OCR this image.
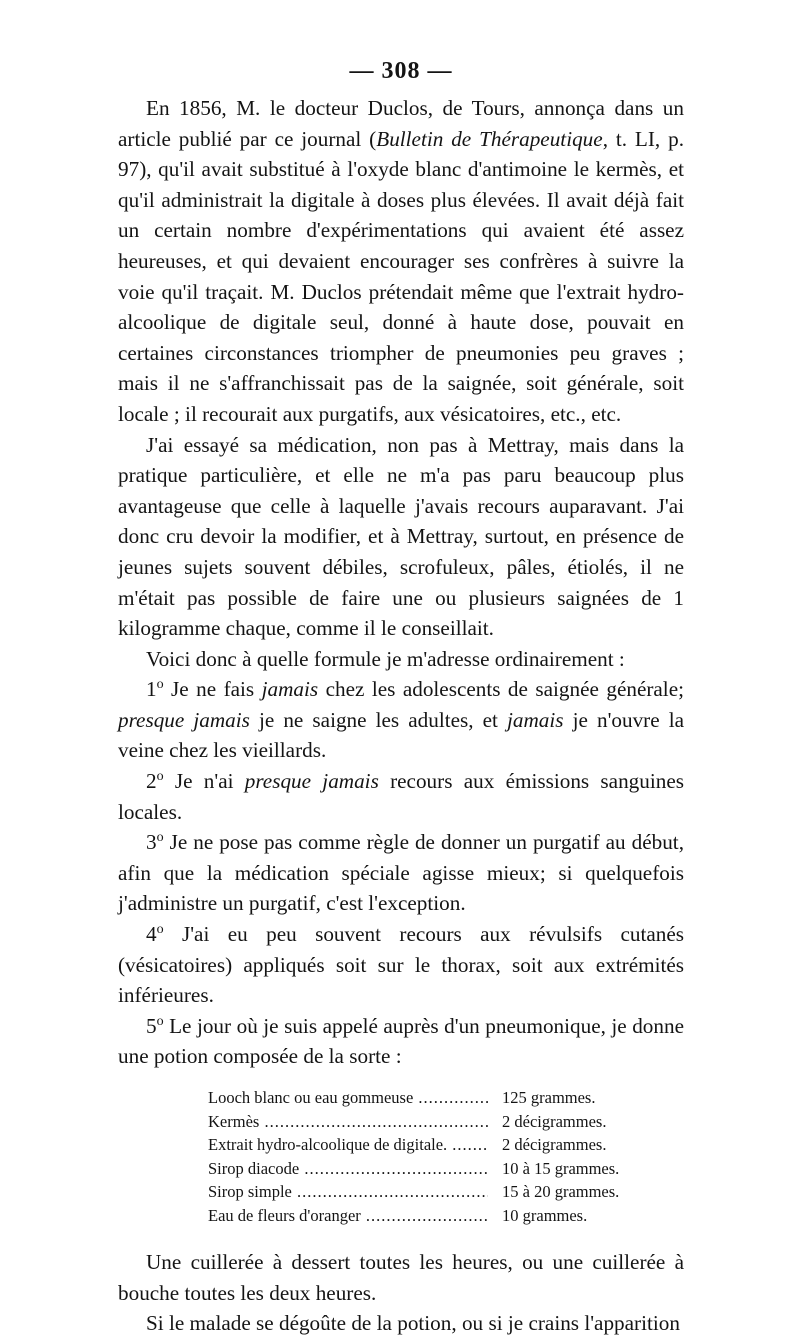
— 308 —

En 1856, M. le docteur Duclos, de Tours, annonça dans un article publié par ce journal (Bulletin de Thérapeutique, t. LI, p. 97), qu'il avait substitué à l'oxyde blanc d'antimoine le kermès, et qu'il administrait la digitale à doses plus élevées. Il avait déjà fait un certain nombre d'expérimentations qui avaient été assez heureuses, et qui devaient encourager ses confrères à suivre la voie qu'il traçait. M. Duclos prétendait même que l'extrait hydro-alcoolique de digitale seul, donné à haute dose, pouvait en certaines circonstances triompher de pneumonies peu graves ; mais il ne s'affranchissait pas de la saignée, soit générale, soit locale ; il recourait aux purgatifs, aux vésicatoires, etc., etc.

J'ai essayé sa médication, non pas à Mettray, mais dans la pratique particulière, et elle ne m'a pas paru beaucoup plus avantageuse que celle à laquelle j'avais recours auparavant. J'ai donc cru devoir la modifier, et à Mettray, surtout, en présence de jeunes sujets souvent débiles, scrofuleux, pâles, étiolés, il ne m'était pas possible de faire une ou plusieurs saignées de 1 kilogramme chaque, comme il le conseillait.

Voici donc à quelle formule je m'adresse ordinairement :

1$^o$ Je ne fais jamais chez les adolescents de saignée générale; presque jamais je ne saigne les adultes, et jamais je n'ouvre la veine chez les vieillards.

2$^o$ Je n'ai presque jamais recours aux émissions sanguines locales.

3$^o$ Je ne pose pas comme règle de donner un purgatif au début, afin que la médication spéciale agisse mieux; si quelquefois j'administre un purgatif, c'est l'exception.

4$^o$ J'ai eu peu souvent recours aux révulsifs cutanés (vésicatoires) appliqués soit sur le thorax, soit aux extrémités inférieures.

5$^o$ Le jour où je suis appelé auprès d'un pneumonique, je donne une potion composée de la sorte :

Looch blanc ou eau gommeuse .....	125 grammes.
Kermès .....	2 décigrammes.
Extrait hydro-alcoolique de digitale. .....	2 décigrammes.
Sirop diacode .....	10 à 15 grammes.
Sirop simple .....	15 à 20 grammes.
Eau de fleurs d'oranger .....	10 grammes.

Une cuillerée à dessert toutes les heures, ou une cuillerée à bouche toutes les deux heures.

Si le malade se dégoûte de la potion, ou si je crains l'apparition
